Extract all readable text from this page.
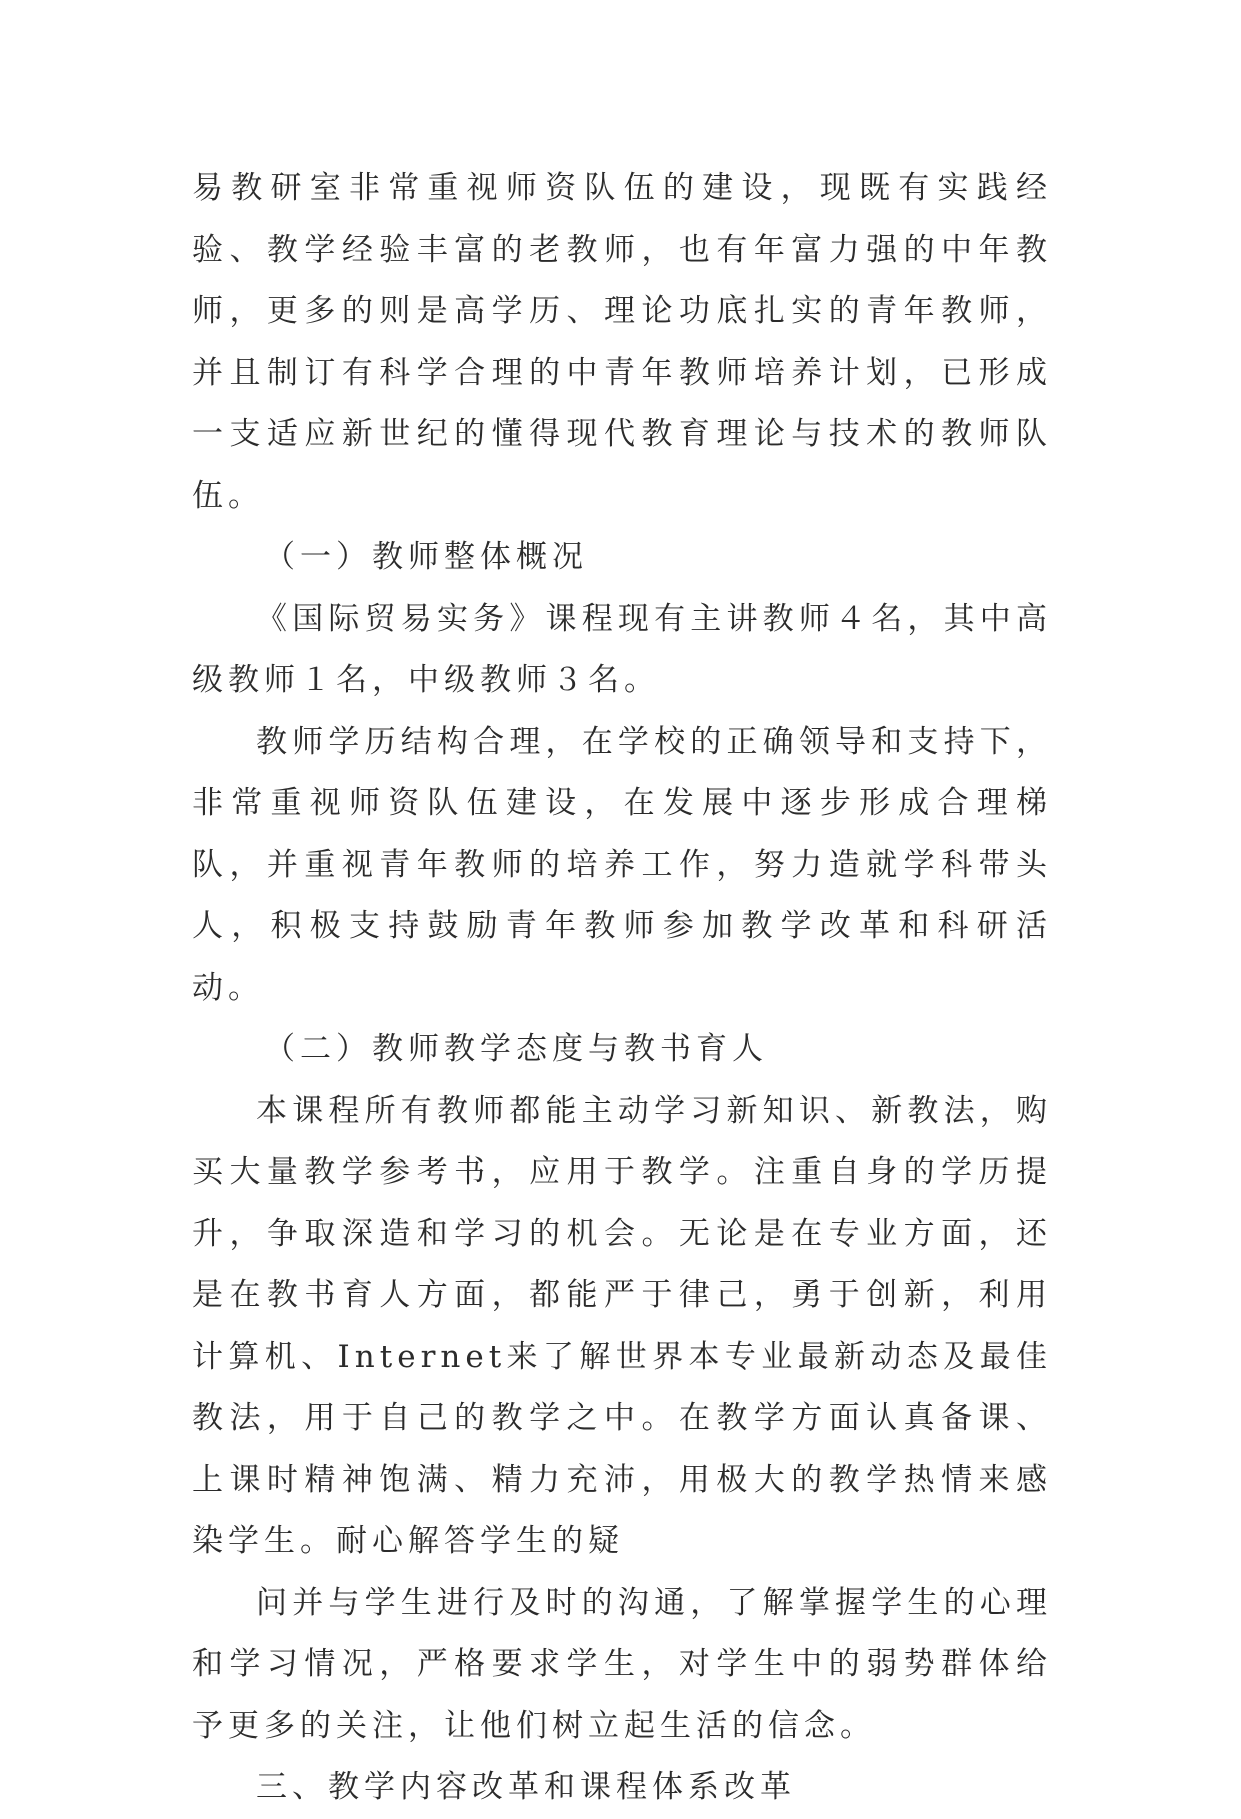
易教研室非常重视师资队伍的建设，现既有实践经验、教学经验丰富的老教师，也有年富力强的中年教师，更多的则是高学历、理论功底扎实的青年教师，并且制订有科学合理的中青年教师培养计划，已形成一支适应新世纪的懂得现代教育理论与技术的教师队伍。

（一）教师整体概况

《国际贸易实务》课程现有主讲教师４名，其中高级教师１名，中级教师３名。

教师学历结构合理，在学校的正确领导和支持下，非常重视师资队伍建设，在发展中逐步形成合理梯队，并重视青年教师的培养工作，努力造就学科带头人，积极支持鼓励青年教师参加教学改革和科研活动。

（二）教师教学态度与教书育人

本课程所有教师都能主动学习新知识、新教法，购买大量教学参考书，应用于教学。注重自身的学历提升，争取深造和学习的机会。无论是在专业方面，还是在教书育人方面，都能严于律己，勇于创新，利用计算机、Internet来了解世界本专业最新动态及最佳教法，用于自己的教学之中。在教学方面认真备课、上课时精神饱满、精力充沛，用极大的教学热情来感染学生。耐心解答学生的疑

问并与学生进行及时的沟通，了解掌握学生的心理和学习情况，严格要求学生，对学生中的弱势群体给予更多的关注，让他们树立起生活的信念。

三、教学内容改革和课程体系改革
